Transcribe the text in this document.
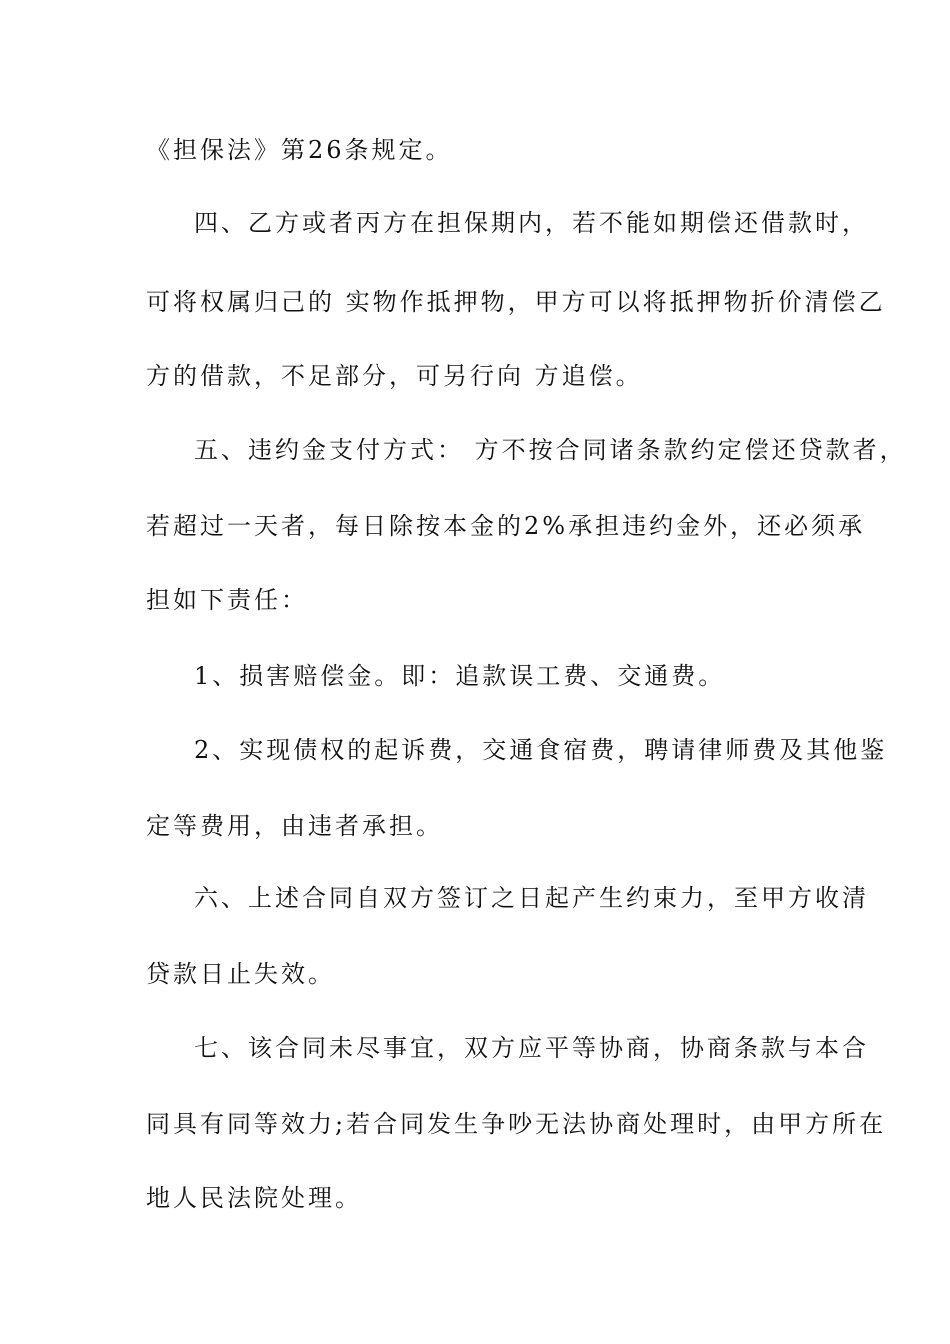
《担保法》第26条规定。
四、乙方或者丙方在担保期内，若不能如期偿还借款时，
可将权属归己的 实物作抵押物，甲方可以将抵押物折价清偿乙
方的借款，不足部分，可另行向 方追偿。
五、违约金支付方式： 方不按合同诸条款约定偿还贷款者，
若超过一天者，每日除按本金的2%承担违约金外，还必须承
担如下责任：
1、损害赔偿金。即：追款误工费、交通费。
2、实现债权的起诉费，交通食宿费，聘请律师费及其他鉴
定等费用，由违者承担。
六、上述合同自双方签订之日起产生约束力，至甲方收清
贷款日止失效。
七、该合同未尽事宜，双方应平等协商，协商条款与本合
同具有同等效力;若合同发生争吵无法协商处理时，由甲方所在
地人民法院处理。
